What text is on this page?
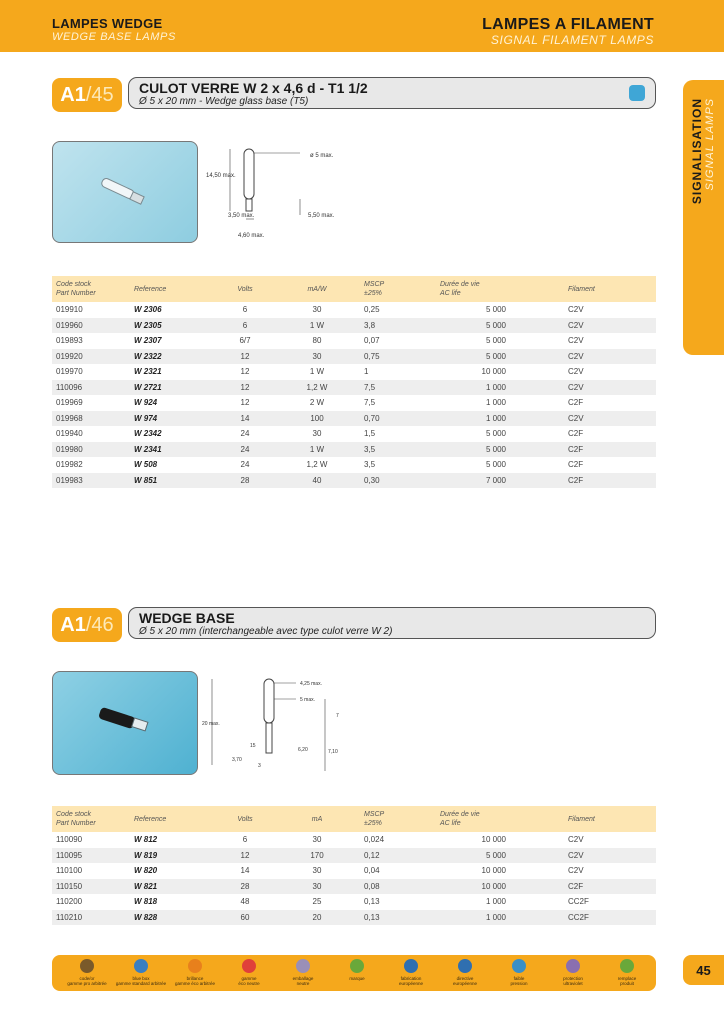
LAMPES WEDGE
WEDGE BASE LAMPS
LAMPES A FILAMENT
SIGNAL FILAMENT LAMPS
SIGNALISATION SIGNAL LAMPS
A1 /45 CULOT VERRE W 2 x 4,6 d - T1 1/2
Ø 5 x 20 mm - Wedge glass base (T5)
ø 5 max.
14,50 max.
3,50 max.	5,50 max.
4,60 max.
Code stock
Part Number	Reference	Volts	mA/W	MSCP
±25%	Durée de vie
AC life	Filament
019910	W 2306	6	30	0,25	5 000	C2V
019960	W 2305	6	1 W	3,8	5 000	C2V
019893	W 2307	6/7	80	0,07	5 000	C2V
019920	W 2322	12	30	0,75	5 000	C2V
019970	W 2321	12	1 W	1	10 000	C2V
110096	W 2721	12	1,2 W	7,5	1 000	C2V
019969	W 924	12	2 W	7,5	1 000	C2F
019968	W 974	14	100	0,70	1 000	C2V
019940	W 2342	24	30	1,5	5 000	C2F
019980	W 2341	24	1 W	3,5	5 000	C2F
019982	W 508	24	1,2 W	3,5	5 000	C2F
019983	W 851	28	40	0,30	7 000	C2F
A1 /46 WEDGE BASE
Ø 5 x 20 mm (interchangeable avec type culot verre W 2)
4,25 max.
5 max.
20 max.
7
15
6,20	7,10
3,70
3
Code stock
Part Number	Reference	Volts	mA	MSCP
±25%	Durée de vie
AC life	Filament
110090	W 812	6	30	0,024	10 000	C2V
110095	W 819	12	170	0,12	5 000	C2V
110100	W 820	14	30	0,04	10 000	C2V
110150	W 821	28	30	0,08	10 000	C2F
110200	W 818	48	25	0,13	1 000	CC2F
110210	W 828	60	20	0,13	1 000	CC2F
code/or
gamme pro arbitrée
blue box
gamme standard arbitrée
brillance
gamme éco arbitrée
gamme
éco neutre
emballage
neutre
marque	fabrication
européenne
directive
européenne
faible
pression
protection
ultraviolet
remplace
produit
45
